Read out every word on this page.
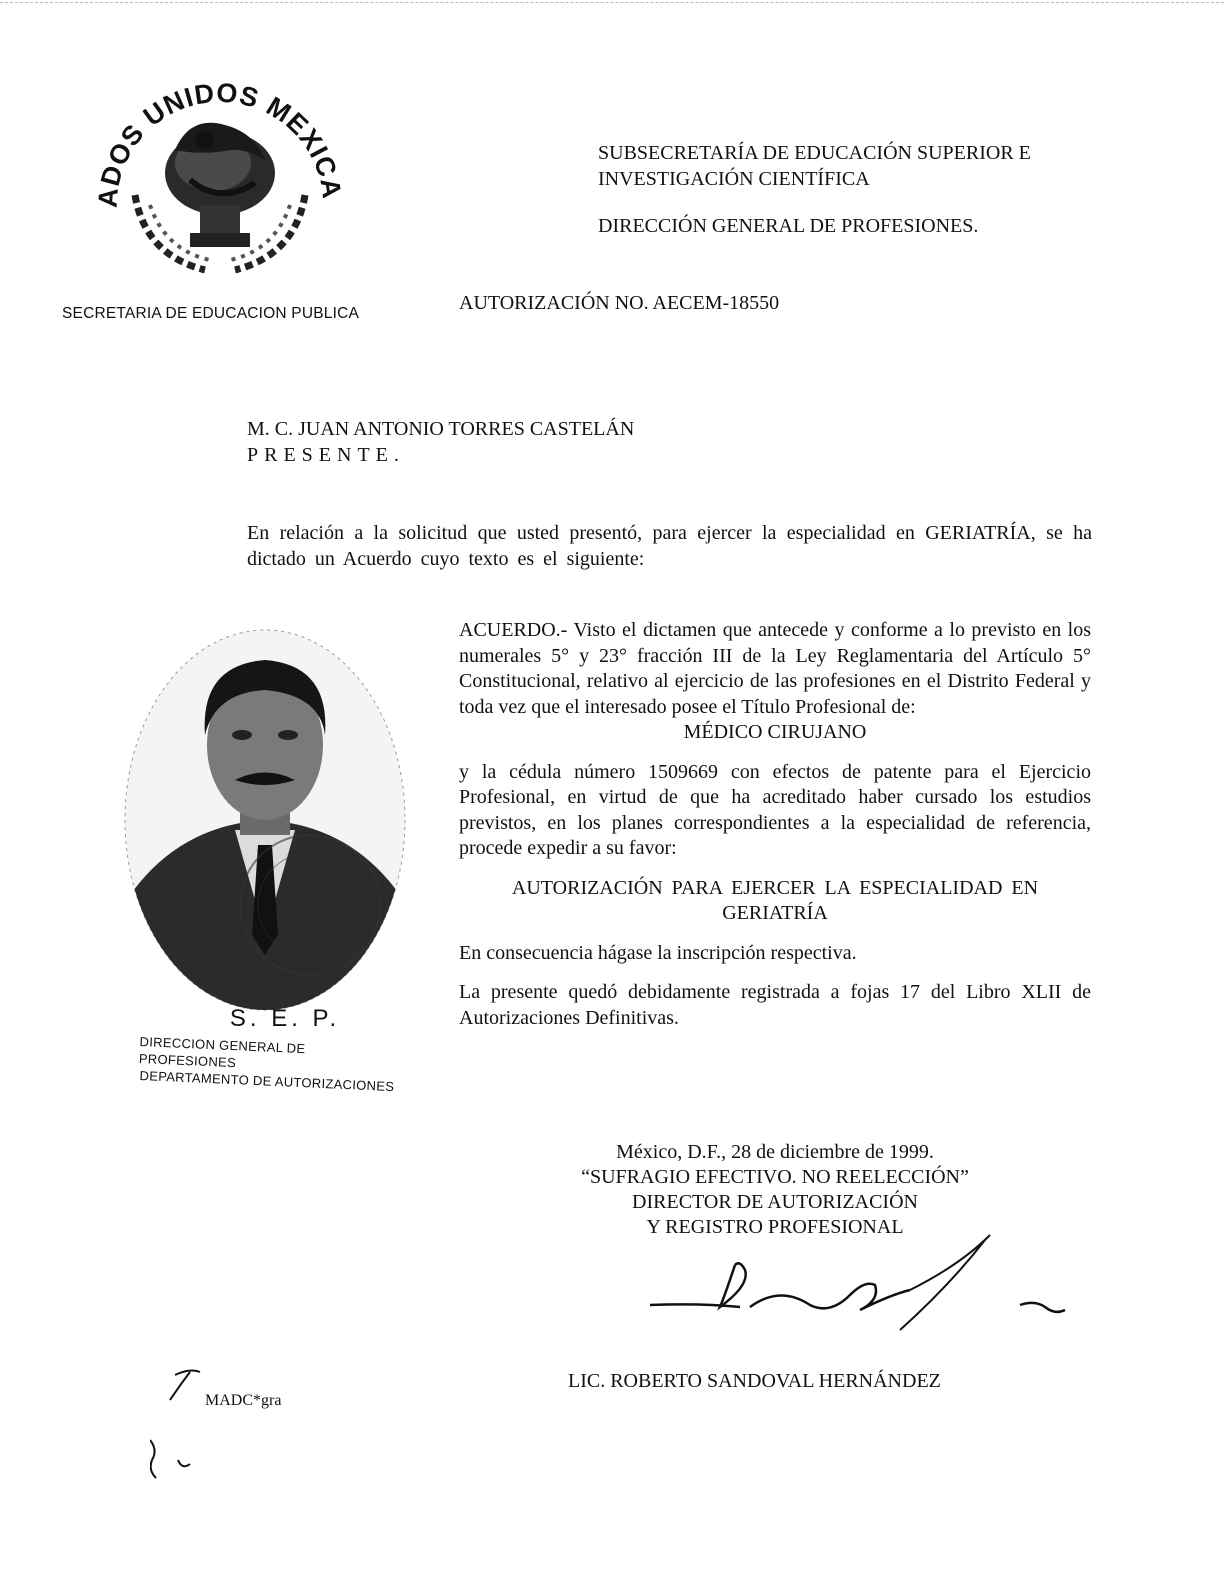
ADOS UNIDOS MEXICA
SECRETARIA DE EDUCACION PUBLICA
SUBSECRETARÍA DE EDUCACIÓN SUPERIOR E
INVESTIGACIÓN CIENTÍFICA
DIRECCIÓN GENERAL DE PROFESIONES.
AUTORIZACIÓN NO. AECEM-18550
M. C. JUAN ANTONIO TORRES CASTELÁN
PRESENTE.
En relación a la solicitud que usted presentó, para ejercer la especialidad en GERIATRÍA, se ha dictado un Acuerdo cuyo texto es el siguiente:
S. E. P.
DIRECCION GENERAL DE PROFESIONES
DEPARTAMENTO DE AUTORIZACIONES
ACUERDO.- Visto el dictamen que antecede y conforme a lo previsto en los numerales 5° y 23° fracción III de la Ley Reglamentaria del Artículo 5° Constitucional, relativo al ejercicio de las profesiones en el Distrito Federal y toda vez que el interesado posee el Título Profesional de:
MÉDICO CIRUJANO
y la cédula número 1509669 con efectos de patente para el Ejercicio Profesional, en virtud de que ha acreditado haber cursado los estudios previstos, en los planes correspondientes a la especialidad de referencia, procede expedir a su favor:
AUTORIZACIÓN PARA EJERCER LA ESPECIALIDAD EN
GERIATRÍA
En consecuencia hágase la inscripción respectiva.
La presente quedó debidamente registrada a fojas 17 del Libro XLII de Autorizaciones Definitivas.
México, D.F., 28 de diciembre de 1999.
“SUFRAGIO EFECTIVO. NO REELECCIÓN”
DIRECTOR DE AUTORIZACIÓN
Y REGISTRO PROFESIONAL
LIC. ROBERTO SANDOVAL HERNÁNDEZ
MADC*gra
